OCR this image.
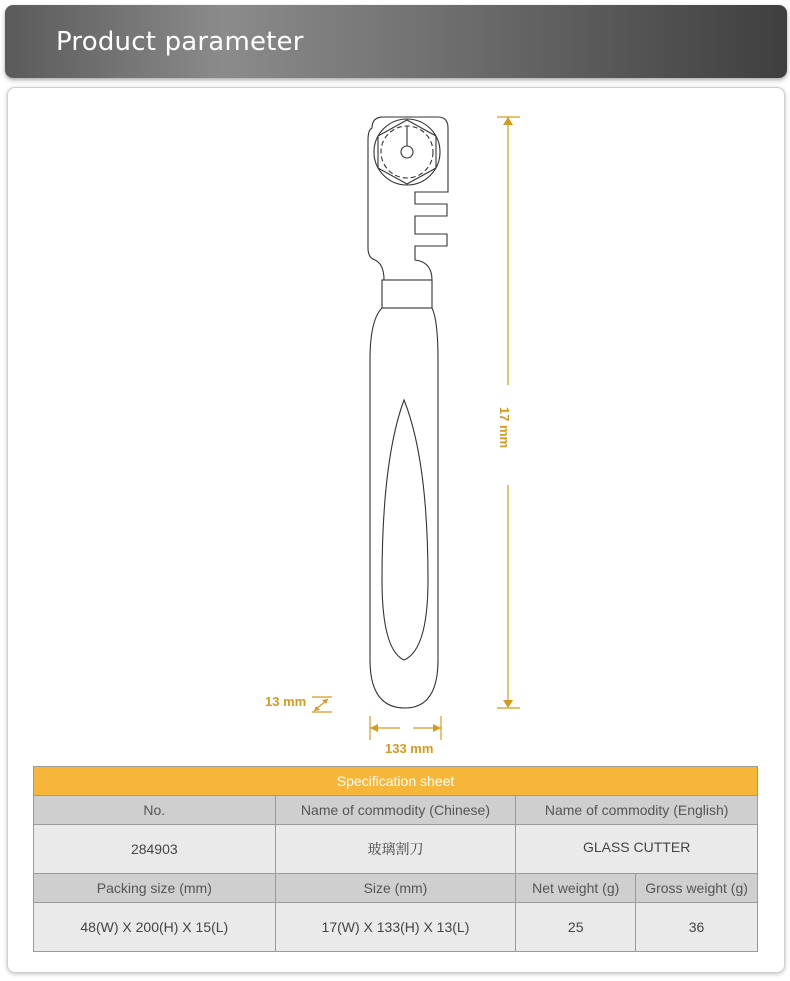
Product parameter
17 mm
13 mm
133 mm
Specification sheet			
No.	Name of commodity (Chinese)	Name of commodity (English)	
284903	玻璃割刀	GLASS CUTTER	
Packing size (mm)	Size (mm)	Net weight (g)	Gross weight (g)
48(W) X 200(H) X 15(L)	17(W) X 133(H) X 13(L)	25	36
